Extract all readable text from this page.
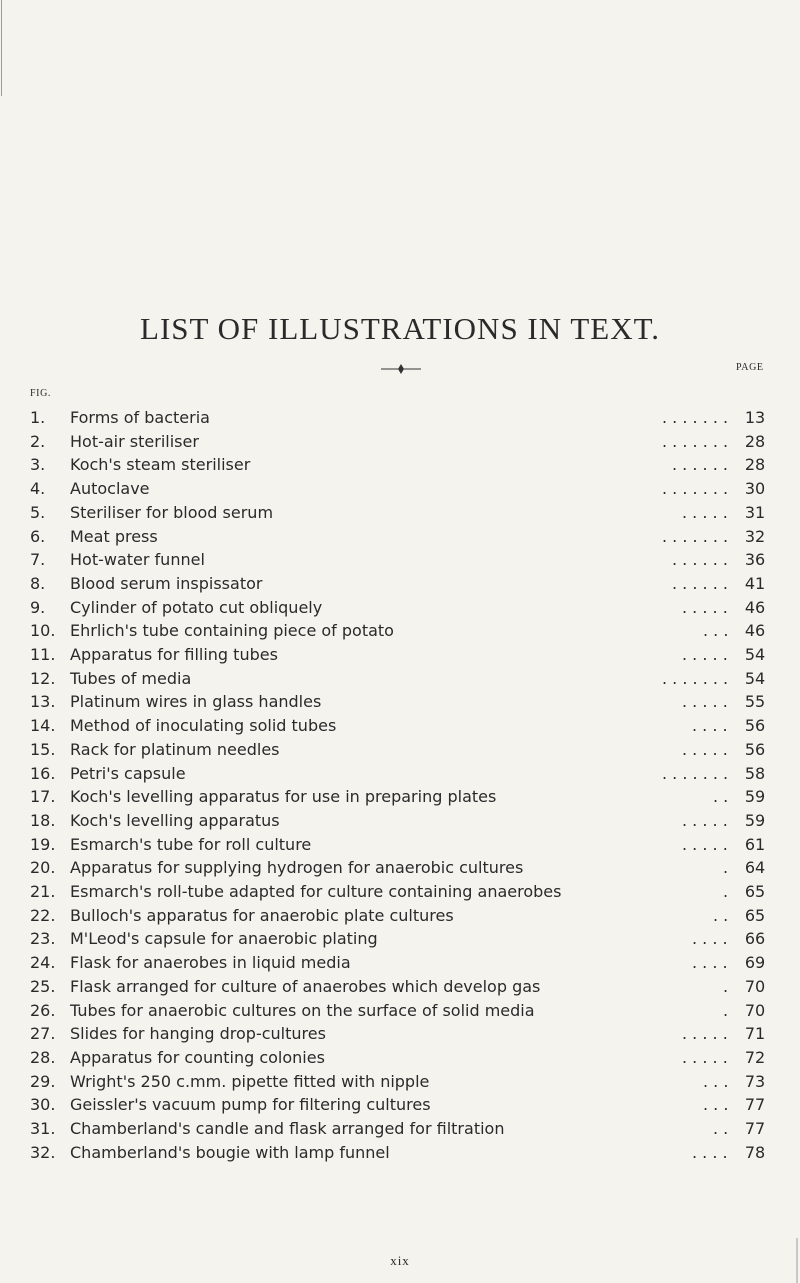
LIST OF ILLUSTRATIONS IN TEXT.
PAGE
FIG.
1.	Forms of bacteria	. . . . . . .	13
2.	Hot-air steriliser	. . . . . . .	28
3.	Koch's steam steriliser	. . . . . .	28
4.	Autoclave	. . . . . . .	30
5.	Steriliser for blood serum	. . . . .	31
6.	Meat press	. . . . . . .	32
7.	Hot-water funnel	. . . . . .	36
8.	Blood serum inspissator	. . . . . .	41
9.	Cylinder of potato cut obliquely	. . . . .	46
10. Ehrlich's tube containing piece of potato	. . .	46
11. Apparatus for filling tubes	. . . . .	54
12. Tubes of media	. . . . . . .	54
13. Platinum wires in glass handles	. . . . .	55
14. Method of inoculating solid tubes	. . . .	56
15. Rack for platinum needles	. . . . .	56
16. Petri's capsule	. . . . . . .	58
17. Koch's levelling apparatus for use in preparing plates	. .	59
18. Koch's levelling apparatus	. . . . .	59
19. Esmarch's tube for roll culture	. . . . .	61
20. Apparatus for supplying hydrogen for anaerobic cultures	.	64
21. Esmarch's roll-tube adapted for culture containing anaerobes	.	65
22. Bulloch's apparatus for anaerobic plate cultures	. .	65
23. M'Leod's capsule for anaerobic plating	. . . .	66
24. Flask for anaerobes in liquid media	. . . .	69
25. Flask arranged for culture of anaerobes which develop gas	.	70
26. Tubes for anaerobic cultures on the surface of solid media	.	70
27. Slides for hanging drop-cultures	. . . . .	71
28. Apparatus for counting colonies	. . . . .	72
29. Wright's 250 c.mm. pipette fitted with nipple	. . .	73
30. Geissler's vacuum pump for filtering cultures	. . .	77
31. Chamberland's candle and flask arranged for filtration	. .	77
32. Chamberland's bougie with lamp funnel	. . . .	78
xix
